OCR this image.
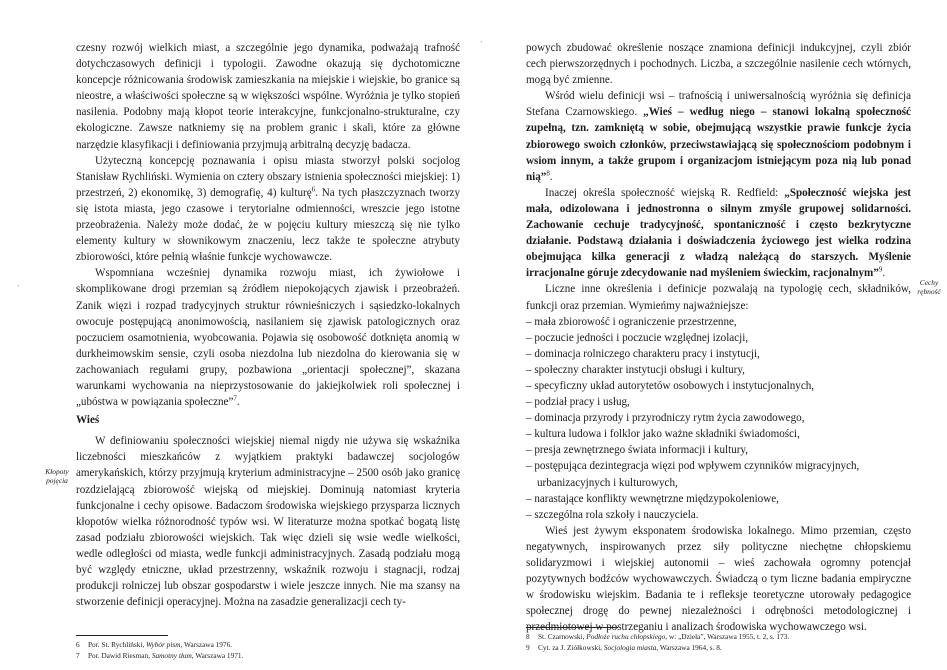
czesny rozwój wielkich miast, a szczególnie jego dynamika, podważają trafność dotychczasowych definicji i typologii. Zawodne okazują się dychotomiczne koncepcje różnicowania środowisk zamieszkania na miejskie i wiejskie, bo granice są nieostre, a właściwości społeczne są w większości wspólne. Wyróżnia je tylko stopień nasilenia. Podobny mają kłopot teorie interakcyjne, funkcjonalno-strukturalne, czy ekologiczne. Zawsze natkniemy się na problem granic i skali, które za główne narzędzie klasyfikacji i definiowania przyjmują arbitralną decyzję badacza.

Użyteczną koncepcję poznawania i opisu miasta stworzył polski socjolog Stanisław Rychliński. Wymienia on cztery obszary istnienia społeczności miejskiej: 1) przestrzeń, 2) ekonomikę, 3) demografię, 4) kulturę$^6$. Na tych płaszczyznach tworzy się istota miasta, jego czasowe i terytorialne odmienności, wreszcie jego istotne przeobrażenia. Należy może dodać, że w pojęciu kultury mieszczą się nie tylko elementy kultury w słownikowym znaczeniu, lecz także te społeczne atrybuty zbiorowości, które pełnią właśnie funkcje wychowawcze.

Wspomniana wcześniej dynamika rozwoju miast, ich żywiołowe i skomplikowane drogi przemian są źródłem niepokojących zjawisk i przeobrażeń. Zanik więzi i rozpad tradycyjnych struktur równieśniczych i sąsiedzko-lokalnych owocuje postępującą anonimowością, nasilaniem się zjawisk patologicznych oraz poczuciem osamotnienia, wyobcowania. Pojawia się osobowość dotknięta anomią w durkheimowskim sensie, czyli osoba niezdolna lub niezdolna do kierowania się w zachowaniach regułami grupy, pozbawiona „orientacji społecznej”, skazana warunkami wychowania na nieprzystosowanie do jakiejkolwiek roli społecznej i „ubóstwa w powiązania społeczne”$^7$.

Wieś

W definiowaniu społeczności wiejskiej niemal nigdy nie używa się wskaźnika liczebności mieszkańców z wyjątkiem praktyki badawczej socjologów amerykańskich, którzy przyjmują kryterium administracyjne – 2500 osób jako granicę rozdzielającą zbiorowość wiejską od miejskiej. Dominują natomiast kryteria funkcjonalne i cechy opisowe. Badaczom środowiska wiejskiego przysparza licznych kłopotów wielka różnorodność typów wsi. W literaturze można spotkać bogatą listę zasad podziału zbiorowości wiejskich. Tak więc dzieli się wsie wedle wielkości, wedle odległości od miasta, wedle funkcji administracyjnych. Zasadą podziału mogą być względy etniczne, układ przestrzenny, wskaźnik rozwoju i stagnacji, rodzaj produkcji rolniczej lub obszar gospodarstw i wiele jeszcze innych. Nie ma szansy na stworzenie definicji operacyjnej. Można na zasadzie generalizacji cech ty-

6 Por. St. Rychliński, Wybór pism, Warszawa 1976.
7 Por. Dawid Riesman, Samotny tłum, Warszawa 1971.
Kłopoty pojęcia
ˋ
ˋ

powych zbudować określenie noszące znamiona definicji indukcyjnej, czyli zbiór cech pierwszorzędnych i pochodnych. Liczba, a szczególnie nasilenie cech wtórnych, mogą być zmienne.

Wśród wielu definicji wsi – trafnością i uniwersalnością wyróżnia się definicja Stefana Czarnowskiego. „Wieś – według niego – stanowi lokalną społeczność zupełną, tzn. zamkniętą w sobie, obejmującą wszystkie prawie funkcje życia zbiorowego swoich członków, przeciwstawiającą się społecznościom podobnym i wsiom innym, a także grupom i organizacjom istniejącym poza nią lub ponad nią”$^8$.

Inaczej określa społeczność wiejską R. Redfield: „Społeczność wiejska jest mała, odizolowana i jednostronna o silnym zmyśle grupowej solidarności. Zachowanie cechuje tradycyjność, spontaniczność i często bezkrytyczne działanie. Podstawą działania i doświadczenia życiowego jest wielka rodzina obejmująca kilka generacji z władzą należącą do starszych. Myślenie irracjonalne góruje zdecydowanie nad myśleniem świeckim, racjonalnym”$^9$.

Liczne inne określenia i definicje pozwalają na typologię cech, składników, funkcji oraz przemian. Wymieńmy najważniejsze:

– mała zbiorowość i ograniczenie przestrzenne,
– poczucie jedności i poczucie względnej izolacji,
– dominacja rolniczego charakteru pracy i instytucji,
– społeczny charakter instytucji obsługi i kultury,
– specyficzny układ autorytetów osobowych i instytucjonalnych,
– podział pracy i usług,
– dominacja przyrody i przyrodniczy rytm życia zawodowego,
– kultura ludowa i folklor jako ważne składniki świadomości,
– presja zewnętrznego świata informacji i kultury,
– postępująca dezintegracja więzi pod wpływem czynników migracyjnych, urbanizacyjnych i kulturowych,
– narastające konflikty wewnętrzne międzypokoleniowe,
– szczególna rola szkoły i nauczyciela.

Wieś jest żywym eksponatem środowiska lokalnego. Mimo przemian, często negatywnych, inspirowanych przez siły polityczne niechętne chłopskiemu solidaryzmowi i wiejskiej autonomii – wieś zachowała ogromny potencjał pozytywnych bodźców wychowawczych. Świadczą o tym liczne badania empiryczne w środowisku wiejskim. Badania te i refleksje teoretyczne utorowały pedagogice społecznej drogę do pewnej niezależności i odrębności metodologicznej i przedmiotowej w postrzeganiu i analizach środowiska wychowawczego wsi.

8 St. Czarnowski, Podłoże ruchu chłopskiego, w: „Dzieła”, Warszawa 1955, t. 2, s. 173.
9 Cyt. za J. Ziółkowski, Socjologia miasta, Warszawa 1964, s. 8.
Cechy rębność
